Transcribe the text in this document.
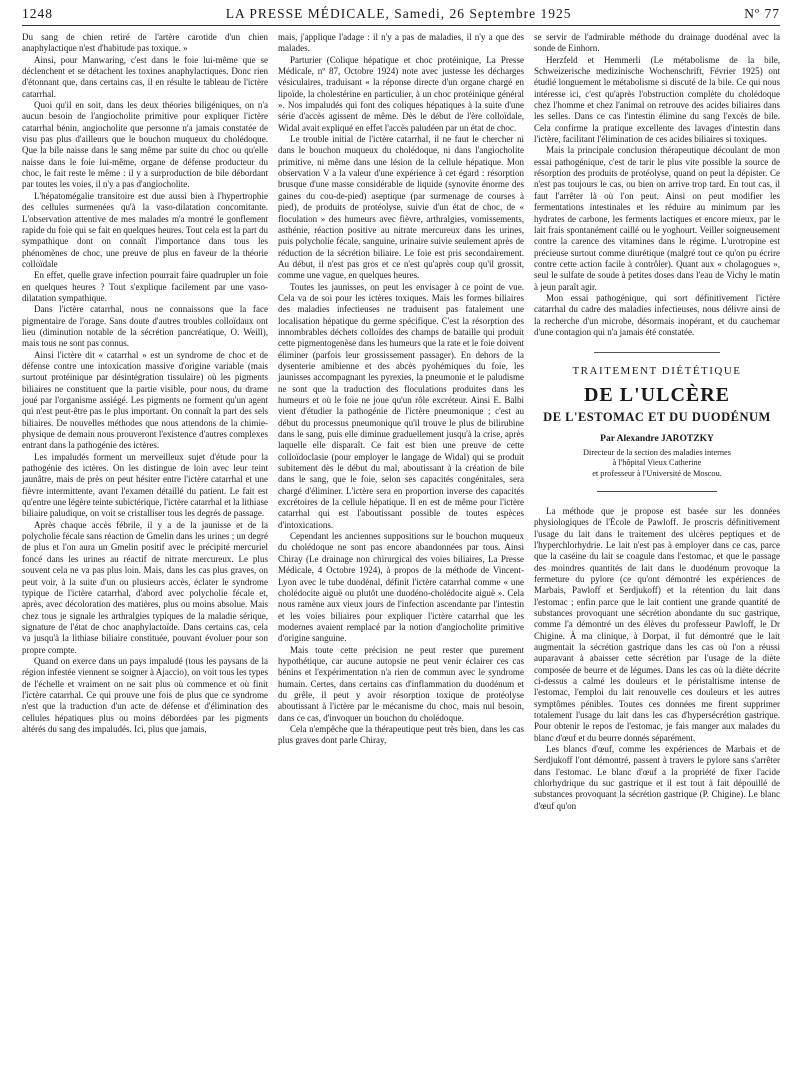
1248	LA PRESSE MÉDICALE, Samedi, 26 Septembre 1925	Nº 77

Du sang de chien retiré de l'artère carotide d'un chien anaphylactique n'est d'habitude pas toxique. »

Ainsi, pour Manwaring, c'est dans le foie lui-même que se déclenchent et se détachent les toxines anaphylactiques. Donc rien d'étonnant que, dans certains cas, il en résulte le tableau de l'ictère catarrhal.

Quoi qu'il en soit, dans les deux théories biligéniques, on n'a aucun besoin de l'angiocholite primitive pour expliquer l'ictère catarrhal bénin, angiocholite que personne n'a jamais constatée de visu pas plus d'ailleurs que le bouchon muqueux du cholédoque. Que la bile naisse dans le sang même par suite du choc ou qu'elle naisse dans le foie lui-même, organe de défense producteur du choc, le fait reste le même : il y a surproduction de bile débordant par toutes les voies, il n'y a pas d'angiocholite.

L'hépatomégalie transitoire est due aussi bien à l'hypertrophie des cellules surmenées qu'à la vaso-dilatation concomitante. L'observation attentive de mes malades m'a montré le gonflement rapide du foie qui se fait en quelques heures. Tout cela est la part du sympathique dont on connaît l'importance dans tous les phénomènes de choc, une preuve de plus en faveur de la théorie colloïdale

En effet, quelle grave infection pourrait faire quadrupler un foie en quelques heures ? Tout s'explique facilement par une vaso-dilatation sympathique.

Dans l'ictère catarrhal, nous ne connaissons que la face pigmentaire de l'orage. Sans doute d'autres troubles colloïdaux ont lieu (diminution notable de la sécrétion pancréatique, O. Weill), mais tous ne sont pas connus.

Ainsi l'ictère dit « catarrhal » est un syndrome de choc et de défense contre une intoxication massive d'origine variable (mais surtout protéinique par désintégration tissulaire) où les pigments biliaires ne constituent que la partie visible, pour nous, du drame joué par l'organisme assiégé. Les pigments ne forment qu'un agent qui n'est peut-être pas le plus important. On connaît la part des sels biliaires. De nouvelles méthodes que nous attendons de la chimie-physique de demain nous prouveront l'existence d'autres complexes entrant dans la pathogénie des ictères.

Les impaludés forment un merveilleux sujet d'étude pour la pathogénie des ictères. On les distingue de loin avec leur teint jaunâtre, mais de près on peut hésiter entre l'ictère catarrhal et une fièvre intermittente, avant l'examen détaillé du patient. Le fait est qu'entre une légère teinte subictérique, l'ictère catarrhal et la lithiase biliaire paludique, on voit se cristalliser tous les degrés de passage.

Après chaque accès fébrile, il y a de la jaunisse et de la polycholie fécale sans réaction de Gmelin dans les urines ; un degré de plus et l'on aura un Gmelin positif avec le précipité mercuriel foncé dans les urines au réactif de nitrate mercureux. Le plus souvent cela ne va pas plus loin. Mais, dans les cas plus graves, on peut voir, à la suite d'un ou plusieurs accès, éclater le syndrome typique de l'ictère catarrhal, d'abord avec polycholie fécale et, après, avec décoloration des matières, plus ou moins absolue. Mais chez tous je signale les arthralgies typiques de la maladie sérique, signature de l'état de choc anaphylactoïde. Dans certains cas, cela va jusqu'à la lithiase biliaire constituée, pouvant évoluer pour son propre compte.

Quand on exerce dans un pays impaludé (tous les paysans de la région infestée viennent se soigner à Ajaccio), on voit tous les types de l'échelle et vraiment on ne sait plus où commence et où finit l'ictère catarrhal. Ce qui prouve une fois de plus que ce syndrome n'est que la traduction d'un acte de défense et d'élimination des cellules hépatiques plus ou moins débordées par les pigments altérés du sang des impaludés. Ici, plus que jamais,

mais, j'applique l'adage : il n'y a pas de maladies, il n'y a que des malades.

Parturier (Colique hépatique et choc protéinique, La Presse Médicale, nº 87, Octobre 1924) note avec justesse les décharges vésiculaires, traduisant « la réponse directe d'un organe chargé en lipoïde, la cholestérine en particulier, à un choc protéinique général ». Nos impaludés qui font des coliques hépatiques à la suite d'une série d'accès agissent de même. Dès le début de l'ère colloïdale, Widal avait expliqué en effet l'accès paludéen par un état de choc.

Le trouble initial de l'ictère catarrhal, il ne faut le chercher ni dans le bouchon muqueux du cholédoque, ni dans l'angiocholite primitive, ni même dans une lésion de la cellule hépatique. Mon observation V a la valeur d'une expérience à cet égard : résorption brusque d'une masse considérable de liquide (synovite énorme des gaines du cou-de-pied) aseptique (par surmenage de courses à pied), de produits de protéolyse, suivie d'un état de choc, de « floculation » des humeurs avec fièvre, arthralgies, vomissements, asthénie, réaction positive au nitrate mercureux dans les urines, puis polycholie fécale, sanguine, urinaire suivie seulement après de réduction de la sécrétion biliaire. Le foie est pris secondairement. Au début, il n'est pas gros et ce n'est qu'après coup qu'il grossit, comme une vague, en quelques heures.

Toutes les jaunisses, on peut les envisager à ce point de vue. Cela va de soi pour les ictères toxiques. Mais les formes biliaires des maladies infectieuses ne traduisent pas fatalement une localisation hépatique du germe spécifique. C'est la résorption des innombrables déchets colloïdes des champs de bataille qui produit cette pigmentogenèse dans les humeurs que la rate et le foie doivent éliminer (parfois leur grossissement passager). En dehors de la dysenterie amibienne et des abcès pyohémiques du foie, les jaunisses accompagnant les pyrexies, la pneumonie et le paludisme ne sont que la traduction des floculations produites dans les humeurs et où le foie ne joue qu'un rôle excréteur. Ainsi E. Balbi vient d'étudier la pathogénie de l'ictère pneumonique ; c'est au début du processus pneumonique qu'il trouve le plus de bilirubine dans le sang, puis elle diminue graduellement jusqu'à la crise, après laquelle elle disparaît. Ce fait est bien une preuve de cette colloïdoclasie (pour employer le langage de Widal) qui se produit subitement dès le début du mal, aboutissant à la création de bile dans le sang, que le foie, selon ses capacités congénitales, sera chargé d'éliminer. L'ictère sera en proportion inverse des capacités excrétoires de la cellule hépatique. Il en est de même pour l'ictère catarrhal qui est l'aboutissant possible de toutes espèces d'intoxications.

Cependant les anciennes suppositions sur le bouchon muqueux du cholédoque ne sont pas encore abandonnées par tous. Ainsi Chiray (Le drainage non chirurgical des voies biliaires, La Presse Médicale, 4 Octobre 1924), à propos de la méthode de Vincent-Lyon avec le tube duodénal, définit l'ictère catarrhal comme « une cholédocite aiguë ou plutôt une duodéno-cholédocite aiguë ». Cela nous ramène aux vieux jours de l'infection ascendante par l'intestin et les voies biliaires pour expliquer l'ictère catarrhal que les modernes avaient remplacé par la notion d'angiocholite primitive d'origine sanguine.

Mais toute cette précision ne peut rester que purement hypothétique, car aucune autopsie ne peut venir éclairer ces cas bénins et l'expérimentation n'a rien de commun avec le syndrome humain. Certes, dans certains cas d'inflammation du duodénum et du grêle, il peut y avoir résorption toxique de protéolyse aboutissant à l'ictère par le mécanisme du choc, mais nul besoin, dans ce cas, d'invoquer un bouchon du cholédoque.

Cela n'empêche que la thérapeutique peut très bien, dans les cas plus graves dont parle Chiray,

se servir de l'admirable méthode du drainage duodénal avec la sonde de Einhorn.

Herzfeld et Hemmerli (Le métabolisme de la bile, Schweizerische medizinische Wochenschrift, Février 1925) ont étudié longuement le métabolisme si discuté de la bile. Ce qui nous intéresse ici, c'est qu'après l'obstruction complète du cholédoque chez l'homme et chez l'animal on retrouve des acides biliaires dans les selles. Dans ce cas l'intestin élimine du sang l'excès de bile. Cela confirme la pratique excellente des lavages d'intestin dans l'ictère, facilitant l'élimination de ces acides biliaires si toxiques.

Mais la principale conclusion thérapeutique découlant de mon essai pathogénique, c'est de tarir le plus vite possible la source de résorption des produits de protéolyse, quand on peut la dépister. Ce n'est pas toujours le cas, ou bien on arrive trop tard. En tout cas, il faut l'arrêter là où l'on peut. Ainsi on peut modifier les fermentations intestinales et les réduire au minimum par les hydrates de carbone, les ferments lactiques et encore mieux, par le lait frais spontanément caillé ou le yoghourt. Veiller soigneusement contre la carence des vitamines dans le régime. L'urotropine est précieuse surtout comme diurétique (malgré tout ce qu'on pu écrire contre cette action facile à contrôler). Quant aux « cholagogues », seul le sulfate de soude à petites doses dans l'eau de Vichy le matin à jeun paraît agir.

Mon essai pathogénique, qui sort définitivement l'ictère catarrhal du cadre des maladies infectieuses, nous délivre ainsi de la recherche d'un microbe, désormais inopérant, et du cauchemar d'une contagion qui n'a jamais été constatée.

TRAITEMENT DIÉTÉTIQUE
DE L'ULCÈRE
DE L'ESTOMAC ET DU DUODÉNUM
Par Alexandre JAROTZKY
Directeur de la section des maladies internes
à l'hôpital Vieux Catherine
et professeur à l'Université de Moscou.

La méthode que je propose est basée sur les données physiologiques de l'École de Pawloff. Je proscris définitivement l'usage du lait dans le traitement des ulcères peptiques et de l'hyperchlorhydrie. Le lait n'est pas à employer dans ce cas, parce que la caséine du lait se coagule dans l'estomac, et que le passage des moindres quantités de lait dans le duodénum provoque la fermeture du pylore (ce qu'ont démontré les expériences de Marbais, Pawloff et Serdjukoff) et la rétention du lait dans l'estomac ; enfin parce que le lait contient une grande quantité de substances provoquant une sécrétion abondante du suc gastrique, comme l'a démontré un des élèves du professeur Pawloff, le Dr Chigine. À ma clinique, à Dorpat, il fut démontré que le lait augmentait la sécrétion gastrique dans les cas où l'on a réussi auparavant à abaisser cette sécrétion par l'usage de la diète composée de beurre et de légumes. Dans les cas où la diète décrite ci-dessus a calmé les douleurs et le péristaltisme intense de l'estomac, l'emploi du lait renouvelle ces douleurs et les autres symptômes pénibles. Toutes ces données me firent supprimer totalement l'usage du lait dans les cas d'hypersécrétion gastrique. Pour obtenir le repos de l'estomac, je fais manger aux malades du blanc d'œuf et du beurre donnés séparément.

Les blancs d'œuf, comme les expériences de Marbais et de Serdjukoff l'ont démontré, passent à travers le pylore sans s'arrêter dans l'estomac. Le blanc d'œuf a la propriété de fixer l'acide chlorhydrique du suc gastrique et il est tout à fait dépouillé de substances provoquant la sécrétion gastrique (P. Chigine). Le blanc d'œuf qu'on
